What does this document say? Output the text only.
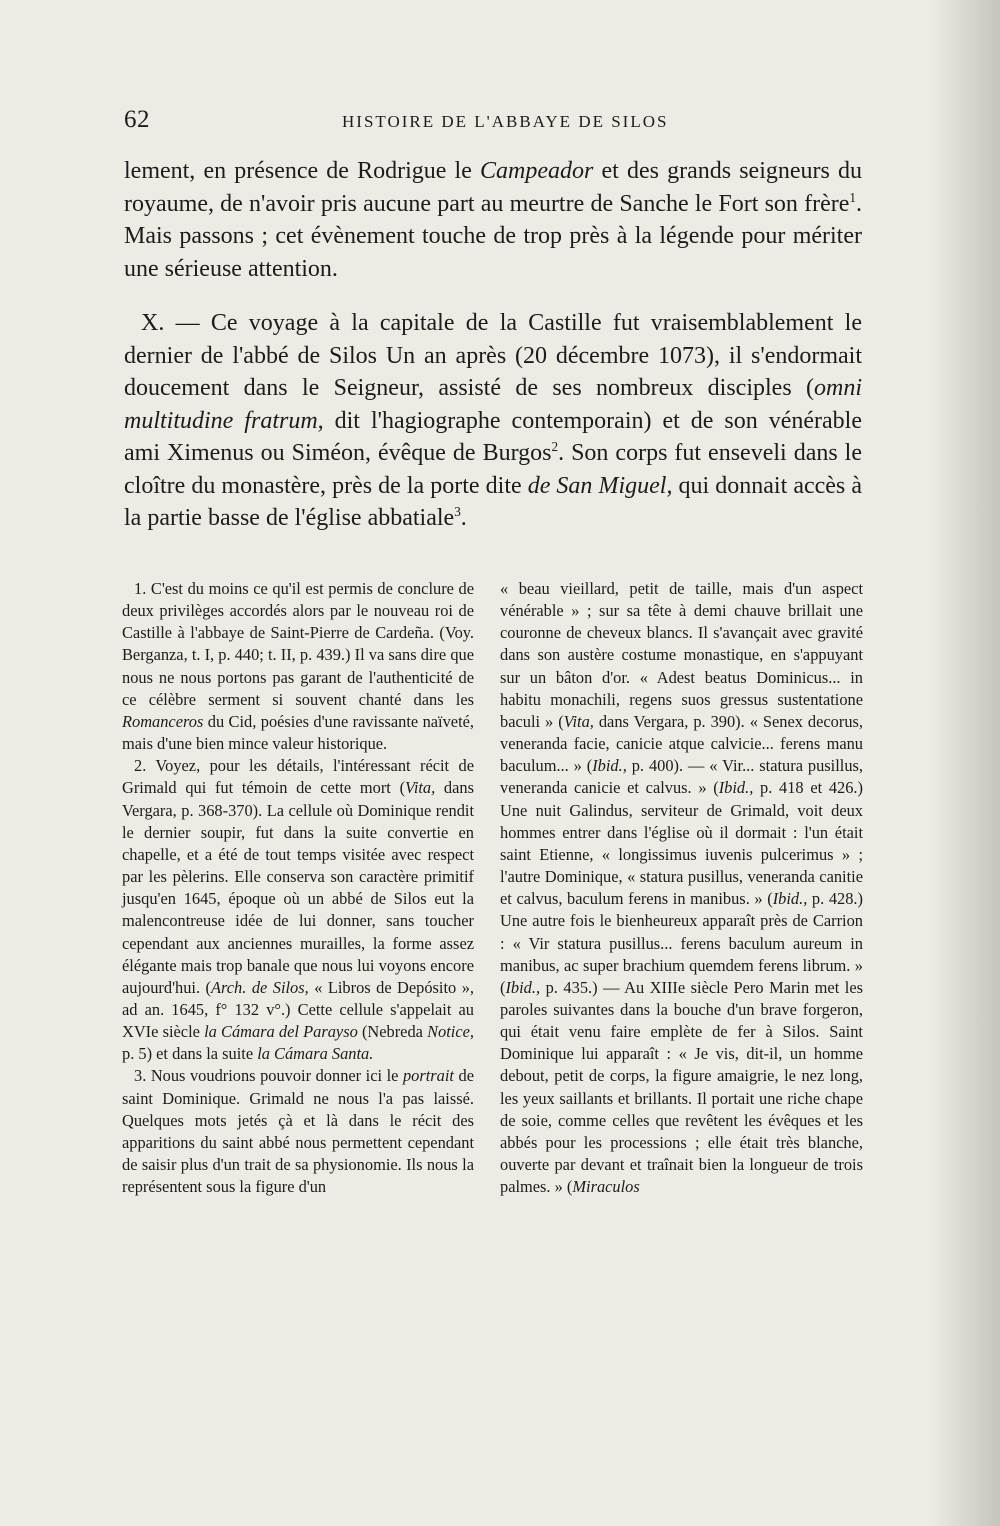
62	HISTOIRE DE L'ABBAYE DE SILOS

lement, en présence de Rodrigue le Campeador et des grands seigneurs du royaume, de n'avoir pris aucune part au meurtre de Sanche le Fort son frère$^1$. Mais passons ; cet évènement touche de trop près à la légende pour mériter une sérieuse attention.

X. — Ce voyage à la capitale de la Castille fut vraisemblablement le dernier de l'abbé de Silos Un an après (20 décembre 1073), il s'endormait doucement dans le Seigneur, assisté de ses nombreux disciples (omni multitudine fratrum, dit l'hagiographe contemporain) et de son vénérable ami Ximenus ou Siméon, évêque de Burgos$^2$. Son corps fut enseveli dans le cloître du monastère, près de la porte dite de San Miguel, qui donnait accès à la partie basse de l'église abbatiale$^3$.

1. C'est du moins ce qu'il est permis de conclure de deux privilèges accordés alors par le nouveau roi de Castille à l'abbaye de Saint-Pierre de Cardeña. (Voy. Berganza, t. I, p. 440; t. II, p. 439.) Il va sans dire que nous ne nous portons pas garant de l'authenticité de ce célèbre serment si souvent chanté dans les Romanceros du Cid, poésies d'une ravissante naïveté, mais d'une bien mince valeur historique.

2. Voyez, pour les détails, l'intéressant récit de Grimald qui fut témoin de cette mort (Vita, dans Vergara, p. 368-370). La cellule où Dominique rendit le dernier soupir, fut dans la suite convertie en chapelle, et a été de tout temps visitée avec respect par les pèlerins. Elle conserva son caractère primitif jusqu'en 1645, époque où un abbé de Silos eut la malencontreuse idée de lui donner, sans toucher cependant aux anciennes murailles, la forme assez élégante mais trop banale que nous lui voyons encore aujourd'hui. (Arch. de Silos, « Libros de Depósito », ad an. 1645, f° 132 v°.) Cette cellule s'appelait au XVIe siècle la Cámara del Parayso (Nebreda Notice, p. 5) et dans la suite la Cámara Santa.

3. Nous voudrions pouvoir donner ici le portrait de saint Dominique. Grimald ne nous l'a pas laissé. Quelques mots jetés çà et là dans le récit des apparitions du saint abbé nous permettent cependant de saisir plus d'un trait de sa physionomie. Ils nous la représentent sous la figure d'un

« beau vieillard, petit de taille, mais d'un aspect vénérable » ; sur sa tête à demi chauve brillait une couronne de cheveux blancs. Il s'avançait avec gravité dans son austère costume monastique, en s'appuyant sur un bâton d'or. « Adest beatus Dominicus... in habitu monachili, regens suos gressus sustentatione baculi » (Vita, dans Vergara, p. 390). « Senex decorus, veneranda facie, canicie atque calvicie... ferens manu baculum... » (Ibid., p. 400). — « Vir... statura pusillus, veneranda canicie et calvus. » (Ibid., p. 418 et 426.) Une nuit Galindus, serviteur de Grimald, voit deux hommes entrer dans l'église où il dormait : l'un était saint Etienne, « longissimus iuvenis pulcerimus » ; l'autre Dominique, « statura pusillus, veneranda canitie et calvus, baculum ferens in manibus. » (Ibid., p. 428.) Une autre fois le bienheureux apparaît près de Carrion : « Vir statura pusillus... ferens baculum aureum in manibus, ac super brachium quemdem ferens librum. » (Ibid., p. 435.) — Au XIIIe siècle Pero Marin met les paroles suivantes dans la bouche d'un brave forgeron, qui était venu faire emplète de fer à Silos. Saint Dominique lui apparaît : « Je vis, dit-il, un homme debout, petit de corps, la figure amaigrie, le nez long, les yeux saillants et brillants. Il portait une riche chape de soie, comme celles que revêtent les évêques et les abbés pour les processions ; elle était très blanche, ouverte par devant et traînait bien la longueur de trois palmes. » (Miraculos
